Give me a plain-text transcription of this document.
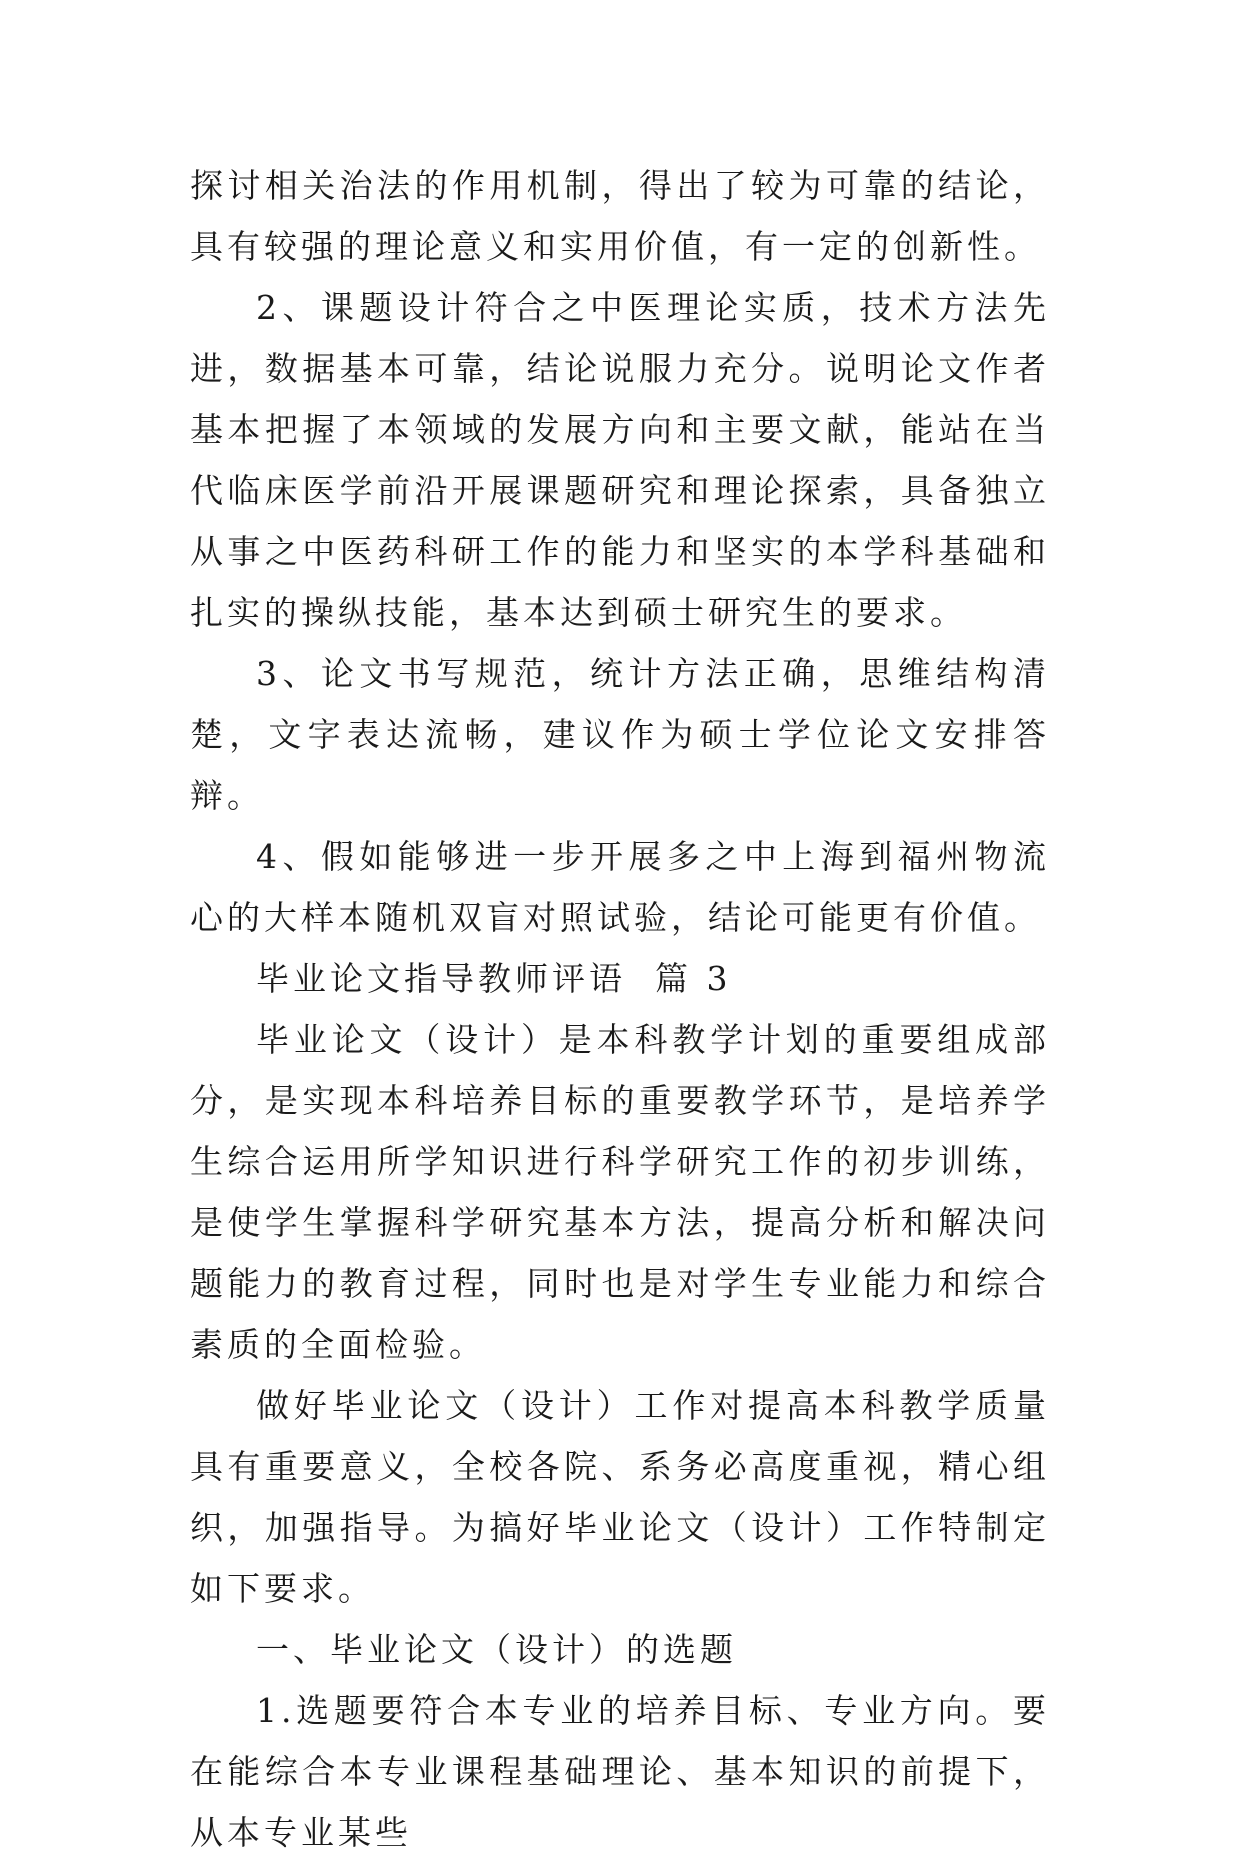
探讨相关治法的作用机制，得出了较为可靠的结论，具有较强的理论意义和实用价值，有一定的创新性。

2、课题设计符合之中医理论实质，技术方法先进，数据基本可靠，结论说服力充分。说明论文作者基本把握了本领域的发展方向和主要文献，能站在当代临床医学前沿开展课题研究和理论探索，具备独立从事之中医药科研工作的能力和坚实的本学科基础和扎实的操纵技能，基本达到硕士研究生的要求。

3、论文书写规范，统计方法正确，思维结构清楚，文字表达流畅，建议作为硕士学位论文安排答辩。

4、假如能够进一步开展多之中上海到福州物流心的大样本随机双盲对照试验，结论可能更有价值。

毕业论文指导教师评语  篇 3

毕业论文（设计）是本科教学计划的重要组成部分，是实现本科培养目标的重要教学环节，是培养学生综合运用所学知识进行科学研究工作的初步训练，是使学生掌握科学研究基本方法，提高分析和解决问题能力的教育过程，同时也是对学生专业能力和综合素质的全面检验。

做好毕业论文（设计）工作对提高本科教学质量具有重要意义，全校各院、系务必高度重视，精心组织，加强指导。为搞好毕业论文（设计）工作特制定如下要求。

一、毕业论文（设计）的选题

1.选题要符合本专业的培养目标、专业方向。要在能综合本专业课程基础理论、基本知识的前提下，从本专业某些
